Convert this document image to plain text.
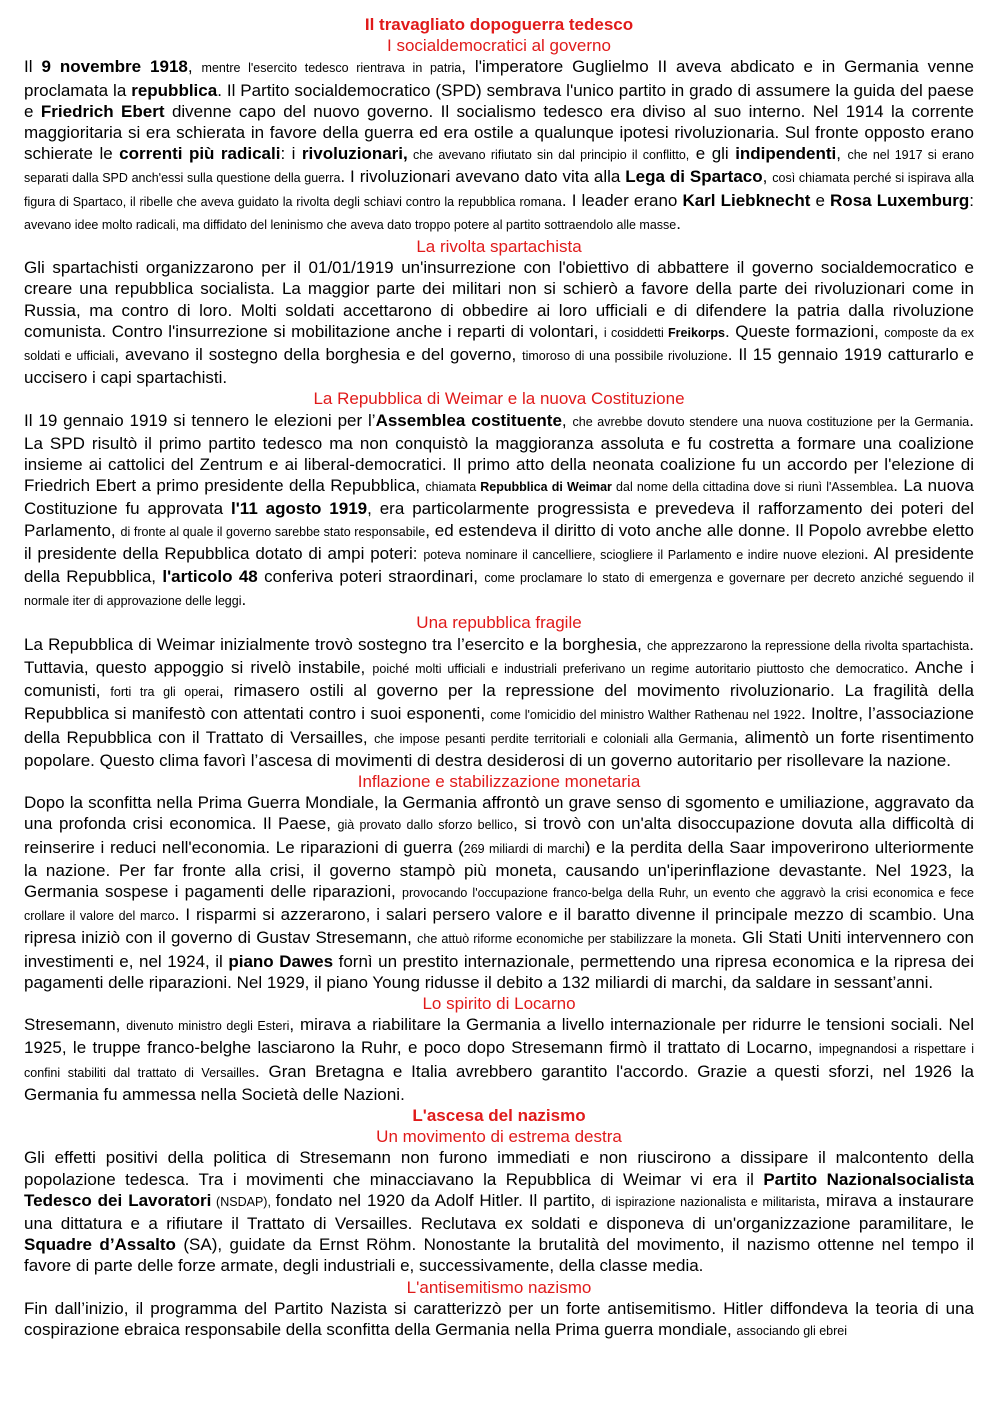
Il travagliato dopoguerra tedesco
I socialdemocratici al governo

Il 9 novembre 1918, mentre l'esercito tedesco rientrava in patria, l'imperatore Guglielmo II aveva abdicato e in Germania venne proclamata la repubblica. Il Partito socialdemocratico (SPD) sembrava l'unico partito in grado di assumere la guida del paese e Friedrich Ebert divenne capo del nuovo governo. Il socialismo tedesco era diviso al suo interno. Nel 1914 la corrente maggioritaria si era schierata in favore della guerra ed era ostile a qualunque ipotesi rivoluzionaria. Sul fronte opposto erano schierate le correnti più radicali: i rivoluzionari, che avevano rifiutato sin dal principio il conflitto, e gli indipendenti, che nel 1917 si erano separati dalla SPD anch'essi sulla questione della guerra. I rivoluzionari avevano dato vita alla Lega di Spartaco, così chiamata perché si ispirava alla figura di Spartaco, il ribelle che aveva guidato la rivolta degli schiavi contro la repubblica romana. I leader erano Karl Liebknecht e Rosa Luxemburg: avevano idee molto radicali, ma diffidato del leninismo che aveva dato troppo potere al partito sottraendolo alle masse.

La rivolta spartachista

Gli spartachisti organizzarono per il 01/01/1919 un'insurrezione con l'obiettivo di abbattere il governo socialdemocratico e creare una repubblica socialista. La maggior parte dei militari non si schierò a favore della parte dei rivoluzionari come in Russia, ma contro di loro. Molti soldati accettarono di obbedire ai loro ufficiali e di difendere la patria dalla rivoluzione comunista. Contro l'insurrezione si mobilitazione anche i reparti di volontari, i cosiddetti Freikorps. Queste formazioni, composte da ex soldati e ufficiali, avevano il sostegno della borghesia e del governo, timoroso di una possibile rivoluzione. Il 15 gennaio 1919 catturarlo e uccisero i capi spartachisti.

La Repubblica di Weimar e la nuova Costituzione

Il 19 gennaio 1919 si tennero le elezioni per l’Assemblea costituente, che avrebbe dovuto stendere una nuova costituzione per la Germania. La SPD risultò il primo partito tedesco ma non conquistò la maggioranza assoluta e fu costretta a formare una coalizione insieme ai cattolici del Zentrum e ai liberal-democratici. Il primo atto della neonata coalizione fu un accordo per l'elezione di Friedrich Ebert a primo presidente della Repubblica, chiamata Repubblica di Weimar dal nome della cittadina dove si riunì l'Assemblea. La nuova Costituzione fu approvata l'11 agosto 1919, era particolarmente progressista e prevedeva il rafforzamento dei poteri del Parlamento, di fronte al quale il governo sarebbe stato responsabile, ed estendeva il diritto di voto anche alle donne. Il Popolo avrebbe eletto il presidente della Repubblica dotato di ampi poteri: poteva nominare il cancelliere, sciogliere il Parlamento e indire nuove elezioni. Al presidente della Repubblica, l'articolo 48 conferiva poteri straordinari, come proclamare lo stato di emergenza e governare per decreto anziché seguendo il normale iter di approvazione delle leggi.

Una repubblica fragile

La Repubblica di Weimar inizialmente trovò sostegno tra l’esercito e la borghesia, che apprezzarono la repressione della rivolta spartachista. Tuttavia, questo appoggio si rivelò instabile, poiché molti ufficiali e industriali preferivano un regime autoritario piuttosto che democratico. Anche i comunisti, forti tra gli operai, rimasero ostili al governo per la repressione del movimento rivoluzionario. La fragilità della Repubblica si manifestò con attentati contro i suoi esponenti, come l'omicidio del ministro Walther Rathenau nel 1922. Inoltre, l’associazione della Repubblica con il Trattato di Versailles, che impose pesanti perdite territoriali e coloniali alla Germania, alimentò un forte risentimento popolare. Questo clima favorì l’ascesa di movimenti di destra desiderosi di un governo autoritario per risollevare la nazione.

Inflazione e stabilizzazione monetaria

Dopo la sconfitta nella Prima Guerra Mondiale, la Germania affrontò un grave senso di sgomento e umiliazione, aggravato da una profonda crisi economica. Il Paese, già provato dallo sforzo bellico, si trovò con un'alta disoccupazione dovuta alla difficoltà di reinserire i reduci nell'economia. Le riparazioni di guerra (269 miliardi di marchi) e la perdita della Saar impoverirono ulteriormente la nazione. Per far fronte alla crisi, il governo stampò più moneta, causando un'iperinflazione devastante. Nel 1923, la Germania sospese i pagamenti delle riparazioni, provocando l'occupazione franco-belga della Ruhr, un evento che aggravò la crisi economica e fece crollare il valore del marco. I risparmi si azzerarono, i salari persero valore e il baratto divenne il principale mezzo di scambio. Una ripresa iniziò con il governo di Gustav Stresemann, che attuò riforme economiche per stabilizzare la moneta. Gli Stati Uniti intervennero con investimenti e, nel 1924, il piano Dawes fornì un prestito internazionale, permettendo una ripresa economica e la ripresa dei pagamenti delle riparazioni. Nel 1929, il piano Young ridusse il debito a 132 miliardi di marchi, da saldare in sessant’anni.

Lo spirito di Locarno

Stresemann, divenuto ministro degli Esteri, mirava a riabilitare la Germania a livello internazionale per ridurre le tensioni sociali. Nel 1925, le truppe franco-belghe lasciarono la Ruhr, e poco dopo Stresemann firmò il trattato di Locarno, impegnandosi a rispettare i confini stabiliti dal trattato di Versailles. Gran Bretagna e Italia avrebbero garantito l'accordo. Grazie a questi sforzi, nel 1926 la Germania fu ammessa nella Società delle Nazioni.

L'ascesa del nazismo
Un movimento di estrema destra

Gli effetti positivi della politica di Stresemann non furono immediati e non riuscirono a dissipare il malcontento della popolazione tedesca. Tra i movimenti che minacciavano la Repubblica di Weimar vi era il Partito Nazionalsocialista Tedesco dei Lavoratori (NSDAP), fondato nel 1920 da Adolf Hitler. Il partito, di ispirazione nazionalista e militarista, mirava a instaurare una dittatura e a rifiutare il Trattato di Versailles. Reclutava ex soldati e disponeva di un'organizzazione paramilitare, le Squadre d’Assalto (SA), guidate da Ernst Röhm. Nonostante la brutalità del movimento, il nazismo ottenne nel tempo il favore di parte delle forze armate, degli industriali e, successivamente, della classe media.

L'antisemitismo nazismo

Fin dall’inizio, il programma del Partito Nazista si caratterizzò per un forte antisemitismo. Hitler diffondeva la teoria di una cospirazione ebraica responsabile della sconfitta della Germania nella Prima guerra mondiale, associando gli ebrei
